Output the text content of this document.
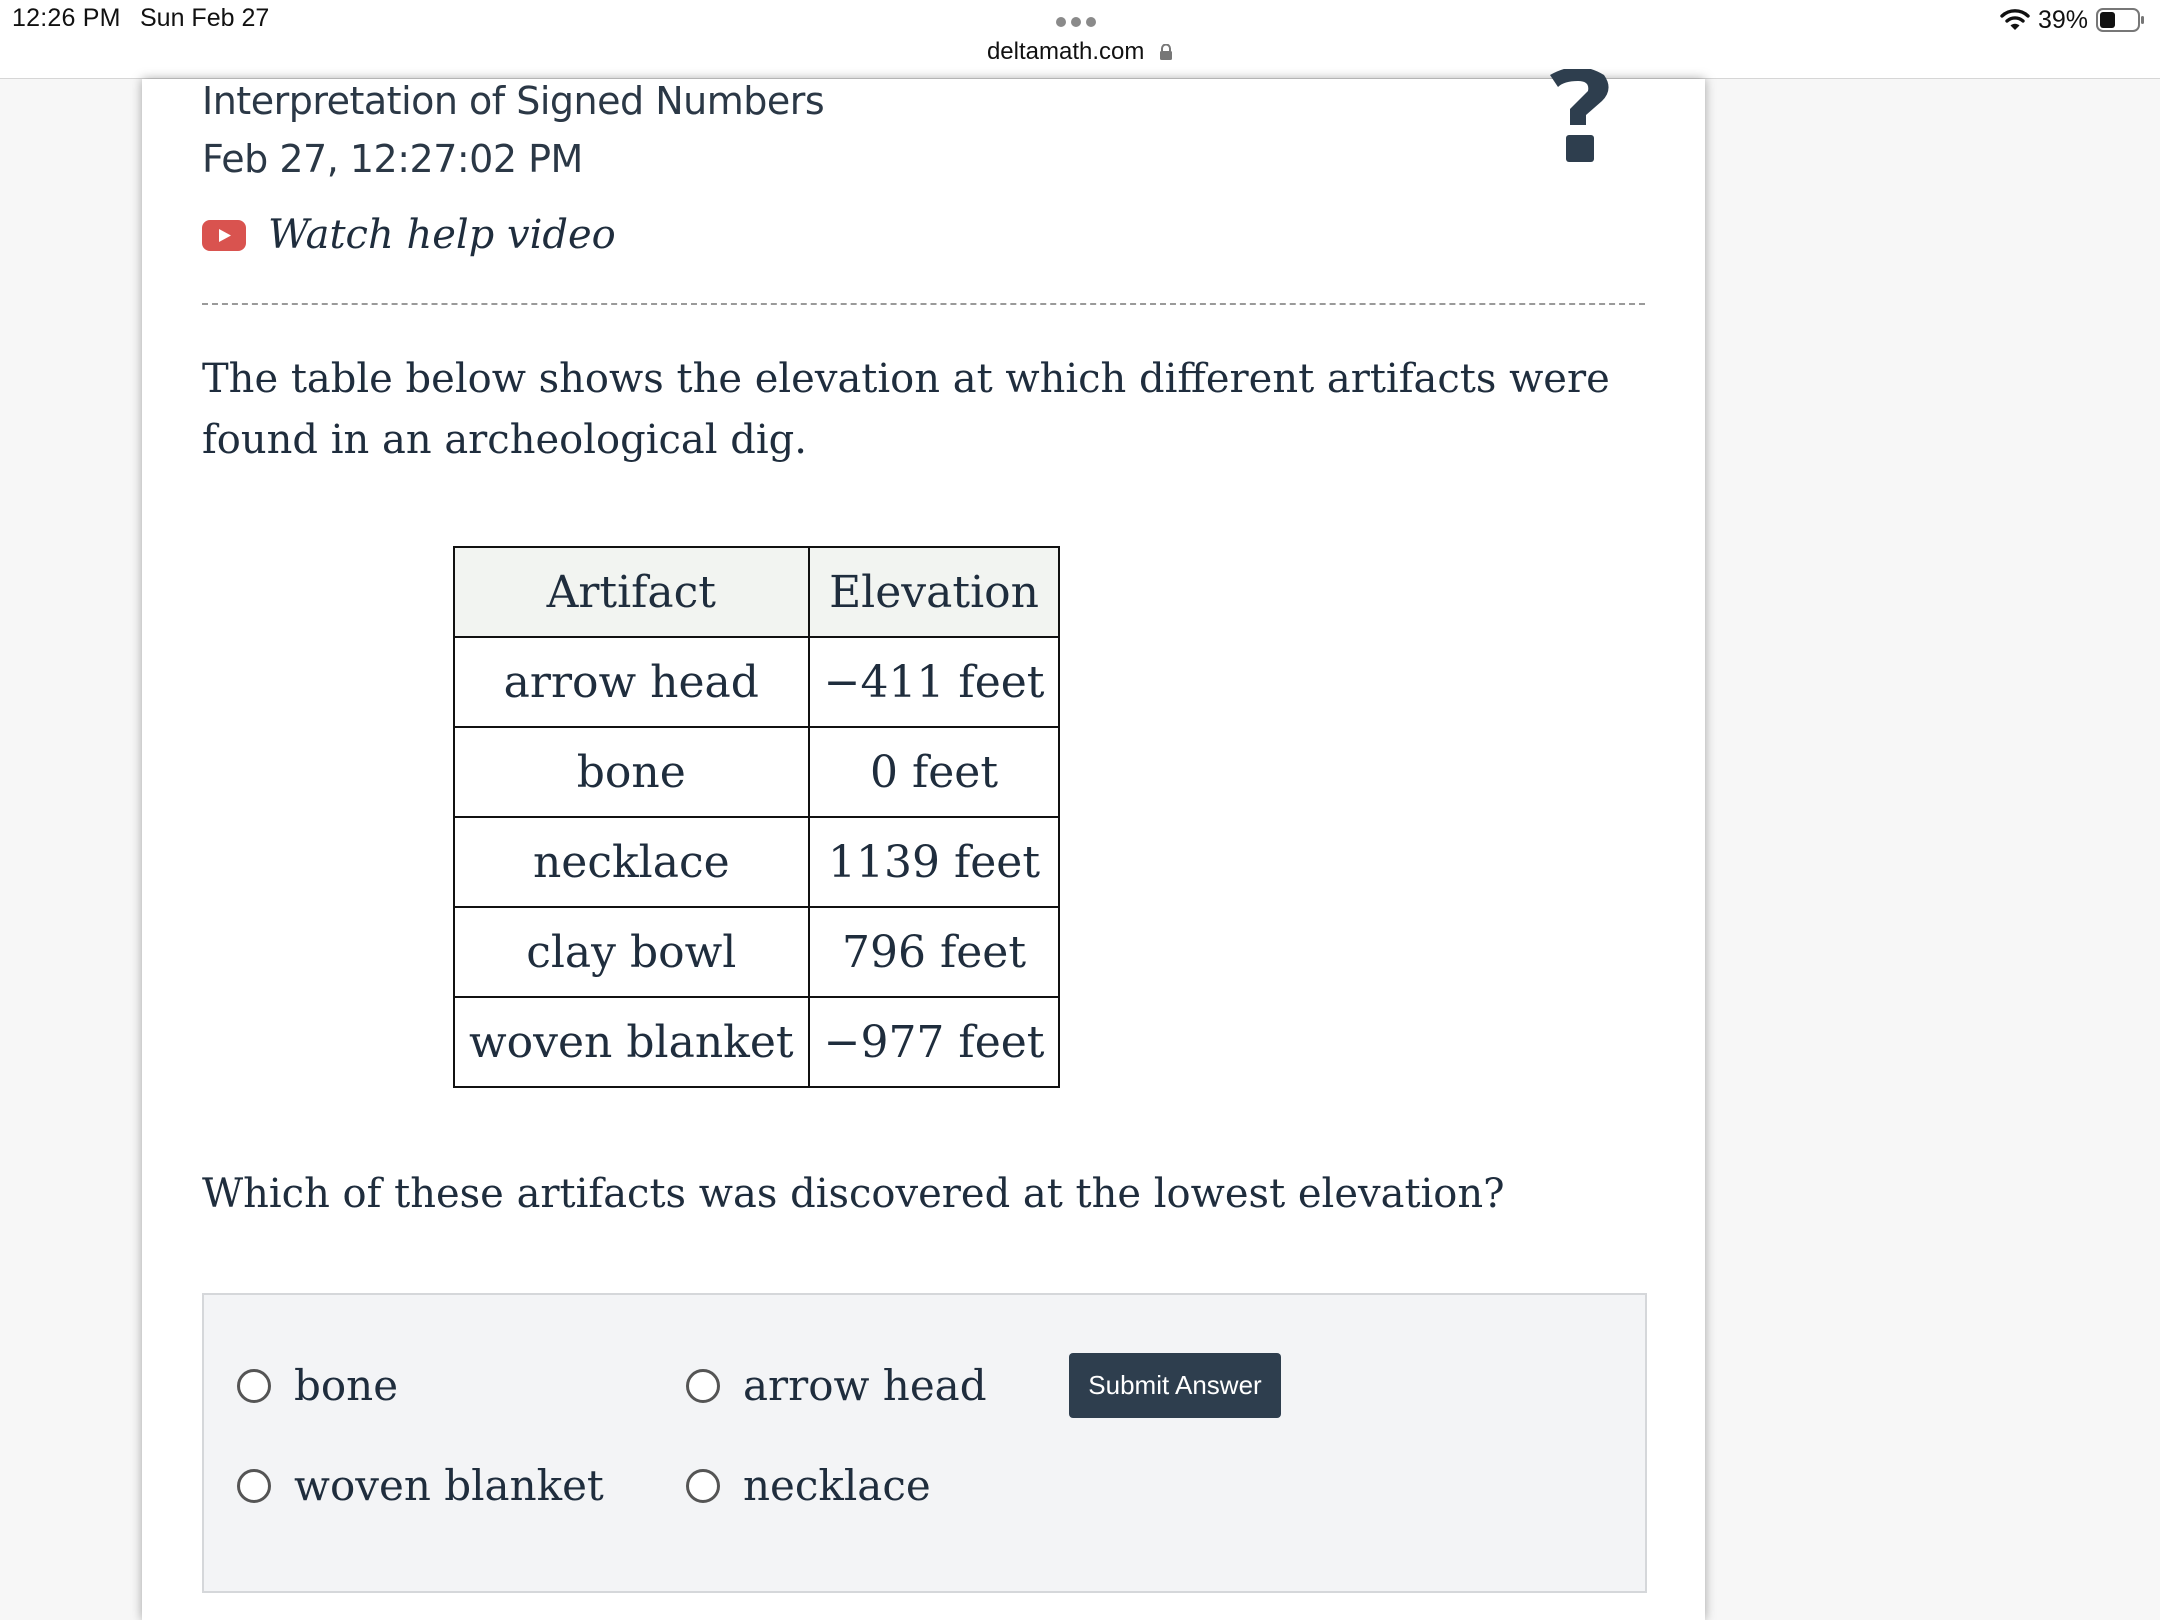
12:26 PM Sun Feb 27
deltamath.com
39%
Interpretation of Signed Numbers
Feb 27, 12:27:02 PM
Watch help video
The table below shows the elevation at which different artifacts were found in an archeological dig.
Artifact	Elevation
arrow head	−411 feet
bone	0 feet
necklace	1139 feet
clay bowl	796 feet
woven blanket	−977 feet
Which of these artifacts was discovered at the lowest elevation?
bone	arrow head
woven blanket	necklace
Submit Answer
